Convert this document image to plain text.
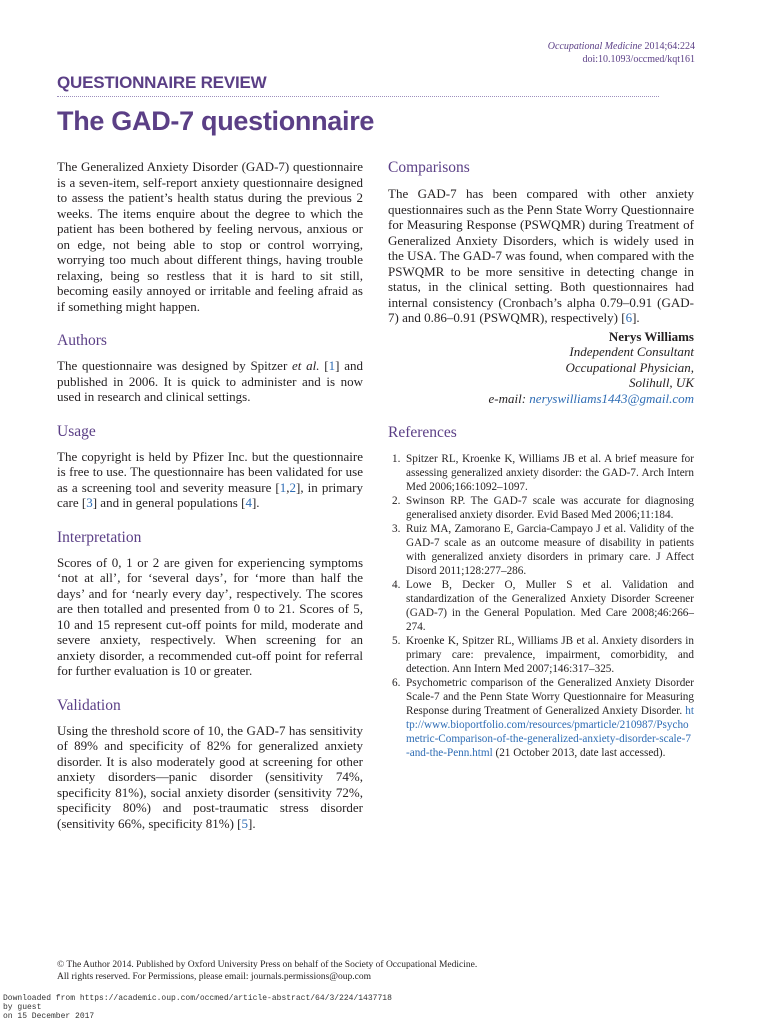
Occupational Medicine 2014;64:224
doi:10.1093/occmed/kqt161
QUESTIONNAIRE REVIEW
The GAD-7 questionnaire

The Generalized Anxiety Disorder (GAD-7) questionnaire is a seven-item, self-report anxiety questionnaire designed to assess the patient’s health status during the previous 2 weeks. The items enquire about the degree to which the patient has been bothered by feeling nervous, anxious or on edge, not being able to stop or control worrying, worrying too much about different things, having trouble relaxing, being so restless that it is hard to sit still, becoming easily annoyed or irritable and feeling afraid as if something might happen.

Authors

The questionnaire was designed by Spitzer et al. [1] and published in 2006. It is quick to administer and is now used in research and clinical settings.

Usage

The copyright is held by Pfizer Inc. but the questionnaire is free to use. The questionnaire has been validated for use as a screening tool and severity measure [1,2], in primary care [3] and in general populations [4].

Interpretation

Scores of 0, 1 or 2 are given for experiencing symptoms ‘not at all’, for ‘several days’, for ‘more than half the days’ and for ‘nearly every day’, respectively. The scores are then totalled and presented from 0 to 21. Scores of 5, 10 and 15 represent cut-off points for mild, moderate and severe anxiety, respectively. When screening for an anxiety disorder, a recommended cut-off point for referral for further evaluation is 10 or greater.

Validation

Using the threshold score of 10, the GAD-7 has sensitivity of 89% and specificity of 82% for generalized anxiety disorder. It is also moderately good at screening for other anxiety disorders—panic disorder (sensitivity 74%, specificity 81%), social anxiety disorder (sensitivity 72%, specificity 80%) and post-traumatic stress disorder (sensitivity 66%, specificity 81%) [5].

Comparisons

The GAD-7 has been compared with other anxiety questionnaires such as the Penn State Worry Questionnaire for Measuring Response (PSWQMR) during Treatment of Generalized Anxiety Disorders, which is widely used in the USA. The GAD-7 was found, when compared with the PSWQMR to be more sensitive in detecting change in status, in the clinical setting. Both questionnaires had internal consistency (Cronbach’s alpha 0.79–0.91 (GAD-7) and 0.86–0.91 (PSWQMR), respectively) [6].

Nerys Williams
Independent Consultant
Occupational Physician,
Solihull, UK
e-mail: neryswilliams1443@gmail.com
References
1. Spitzer RL, Kroenke K, Williams JB et al. A brief measure for assessing generalized anxiety disorder: the GAD-7. Arch Intern Med 2006;166:1092–1097.
2. Swinson RP. The GAD-7 scale was accurate for diagnosing generalised anxiety disorder. Evid Based Med 2006;11:184.
3. Ruiz MA, Zamorano E, Garcia-Campayo J et al. Validity of the GAD-7 scale as an outcome measure of disability in patients with generalized anxiety disorders in primary care. J Affect Disord 2011;128:277–286.
4. Lowe B, Decker O, Muller S et al. Validation and standardization of the Generalized Anxiety Disorder Screener (GAD-7) in the General Population. Med Care 2008;46:266–274.
5. Kroenke K, Spitzer RL, Williams JB et al. Anxiety disorders in primary care: prevalence, impairment, comorbidity, and detection. Ann Intern Med 2007;146:317–325.
6. Psychometric comparison of the Generalized Anxiety Disorder Scale-7 and the Penn State Worry Questionnaire for Measuring Response during Treatment of Generalized Anxiety Disorder. http://www.bioportfolio.com/resources/pmarticle/210987/Psychometric-Comparison-of-the-generalized-anxiety-disorder-scale-7-and-the-Penn.html (21 October 2013, date last accessed).
© The Author 2014. Published by Oxford University Press on behalf of the Society of Occupational Medicine.
All rights reserved. For Permissions, please email: journals.permissions@oup.com
Downloaded from https://academic.oup.com/occmed/article-abstract/64/3/224/1437718
by guest
on 15 December 2017
